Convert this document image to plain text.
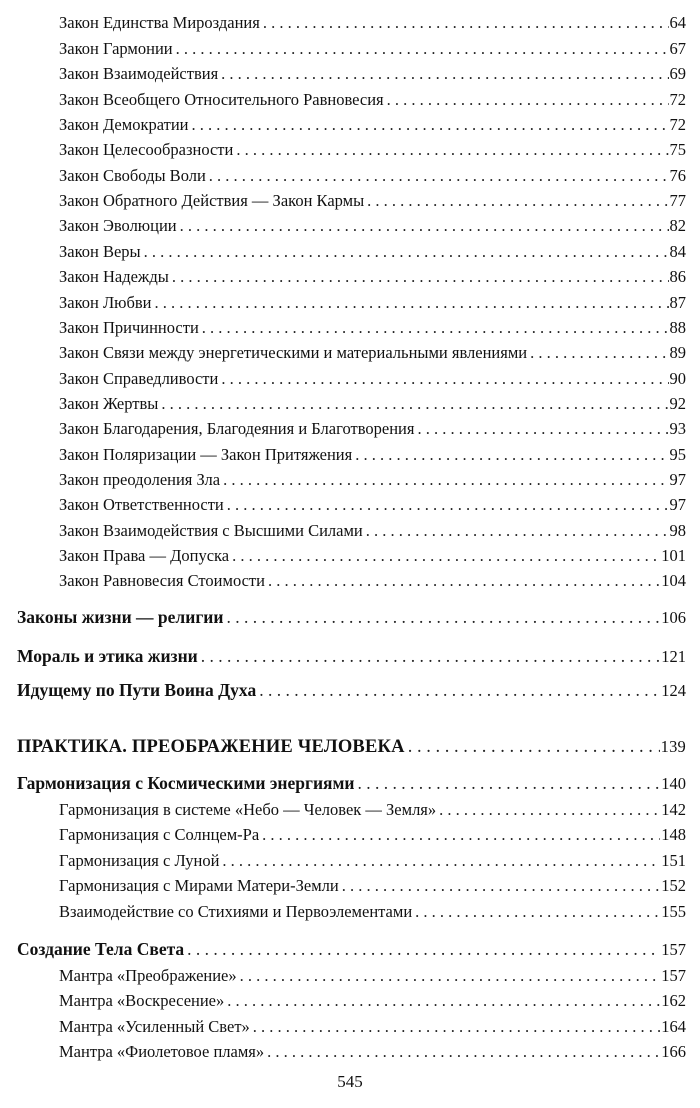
Закон Единства Мироздания . . .	64
Закон Гармонии . . .	67
Закон Взаимодействия . . .	69
Закон Всеобщего Относительного Равновесия . . .	72
Закон Демократии . . .	72
Закон Целесообразности . . .	75
Закон Свободы Воли . . .	76
Закон Обратного Действия — Закон Кармы . . .	77
Закон Эволюции . . .	82
Закон Веры . . .	84
Закон Надежды . . .	86
Закон Любви . . .	87
Закон Причинности . . .	88
Закон Связи между энергетическими и материальными явлениями . . .	89
Закон Справедливости . . .	90
Закон Жертвы . . .	92
Закон Благодарения, Благодеяния и Благотворения . . .	93
Закон Поляризации — Закон Притяжения . . .	95
Закон преодоления Зла . . .	97
Закон Ответственности . . .	97
Закон Взаимодействия с Высшими Силами . . .	98
Закон Права — Допуска . . .	101
Закон Равновесия Стоимости . . .	104
Законы жизни — религии . . .	106
Мораль и этика жизни . . .	121
Идущему по Пути Воина Духа . . .	124
ПРАКТИКА. ПРЕОБРАЖЕНИЕ ЧЕЛОВЕКА . . .	139
Гармонизация с Космическими энергиями . . .	140
Гармонизация в системе «Небо — Человек — Земля» . . .	142
Гармонизация с Солнцем-Ра . . .	148
Гармонизация с Луной . . .	151
Гармонизация с Мирами Матери-Земли . . .	152
Взаимодействие со Стихиями и Первоэлементами . . .	155
Создание Тела Света . . .	157
Мантра «Преображение» . . .	157
Мантра «Воскресение» . . .	162
Мантра «Усиленный Свет» . . .	164
Мантра «Фиолетовое пламя» . . .	166
545
